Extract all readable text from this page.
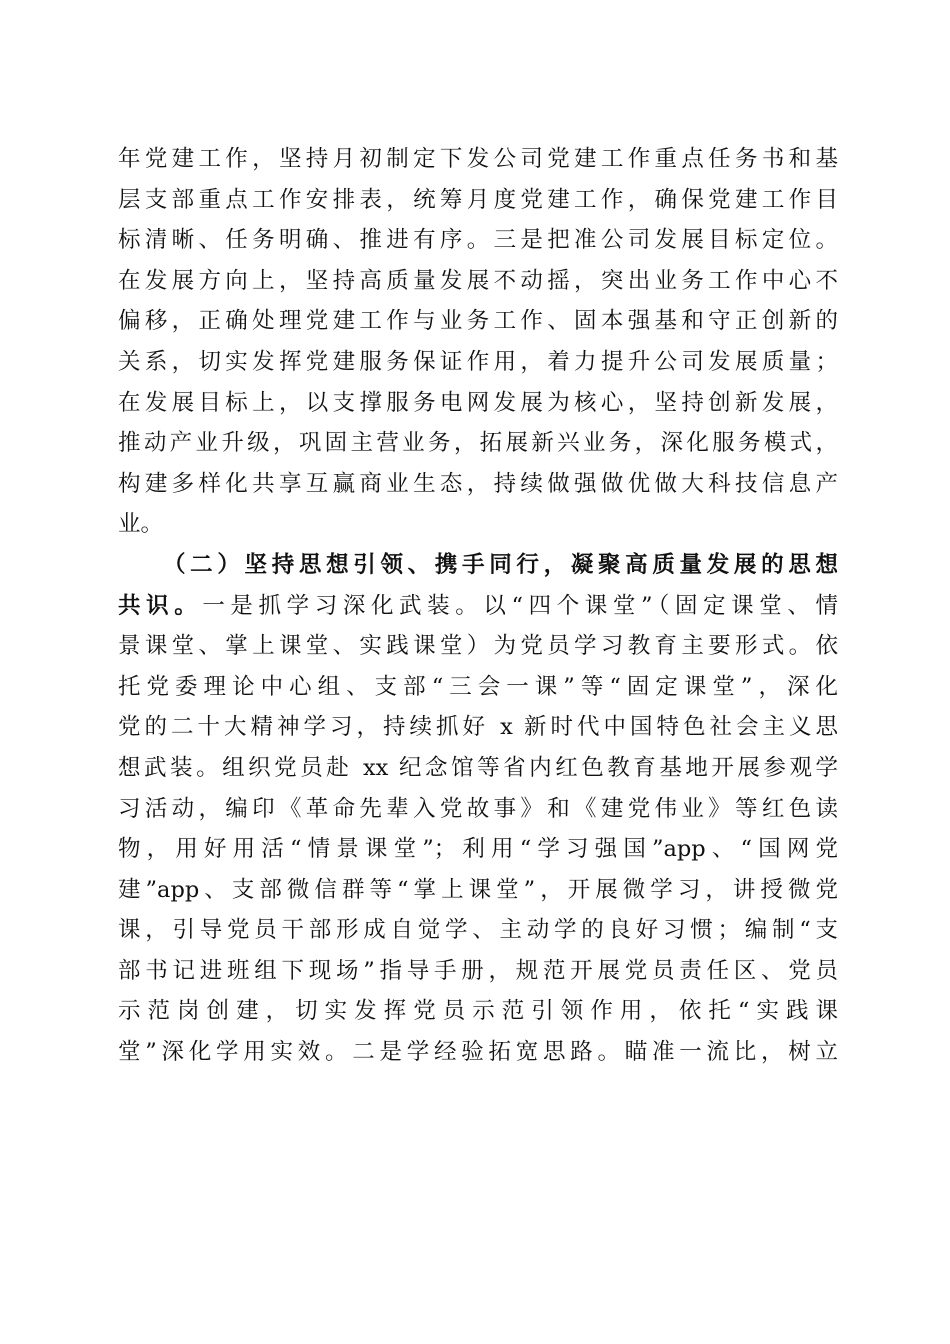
年党建工作，坚持月初制定下发公司党建工作重点任务书和基
层支部重点工作安排表，统筹月度党建工作，确保党建工作目
标清晰、任务明确、推进有序。三是把准公司发展目标定位。
在发展方向上，坚持高质量发展不动摇，突出业务工作中心不
偏移，正确处理党建工作与业务工作、固本强基和守正创新的
关系，切实发挥党建服务保证作用，着力提升公司发展质量；
在发展目标上，以支撑服务电网发展为核心，坚持创新发展，
推动产业升级，巩固主营业务，拓展新兴业务，深化服务模式，
构建多样化共享互赢商业生态，持续做强做优做大科技信息产
业。
（二）坚持思想引领、携手同行，凝聚高质量发展的思想
共识。一是抓学习深化武装。以“四个课堂”（固定课堂、情
景课堂、掌上课堂、实践课堂）为党员学习教育主要形式。依
托党委理论中心组、支部“三会一课”等“固定课堂”，深化
党的二十大精神学习，持续抓好 x 新时代中国特色社会主义思
想武装。组织党员赴 xx 纪念馆等省内红色教育基地开展参观学
习活动，编印《革命先辈入党故事》和《建党伟业》等红色读
物，用好用活“情景课堂”；利用“学习强国”app、“国网党
建”app、支部微信群等“掌上课堂”，开展微学习，讲授微党
课，引导党员干部形成自觉学、主动学的良好习惯；编制“支
部书记进班组下现场”指导手册，规范开展党员责任区、党员
示范岗创建，切实发挥党员示范引领作用，依托“实践课
堂”深化学用实效。二是学经验拓宽思路。瞄准一流比，树立
